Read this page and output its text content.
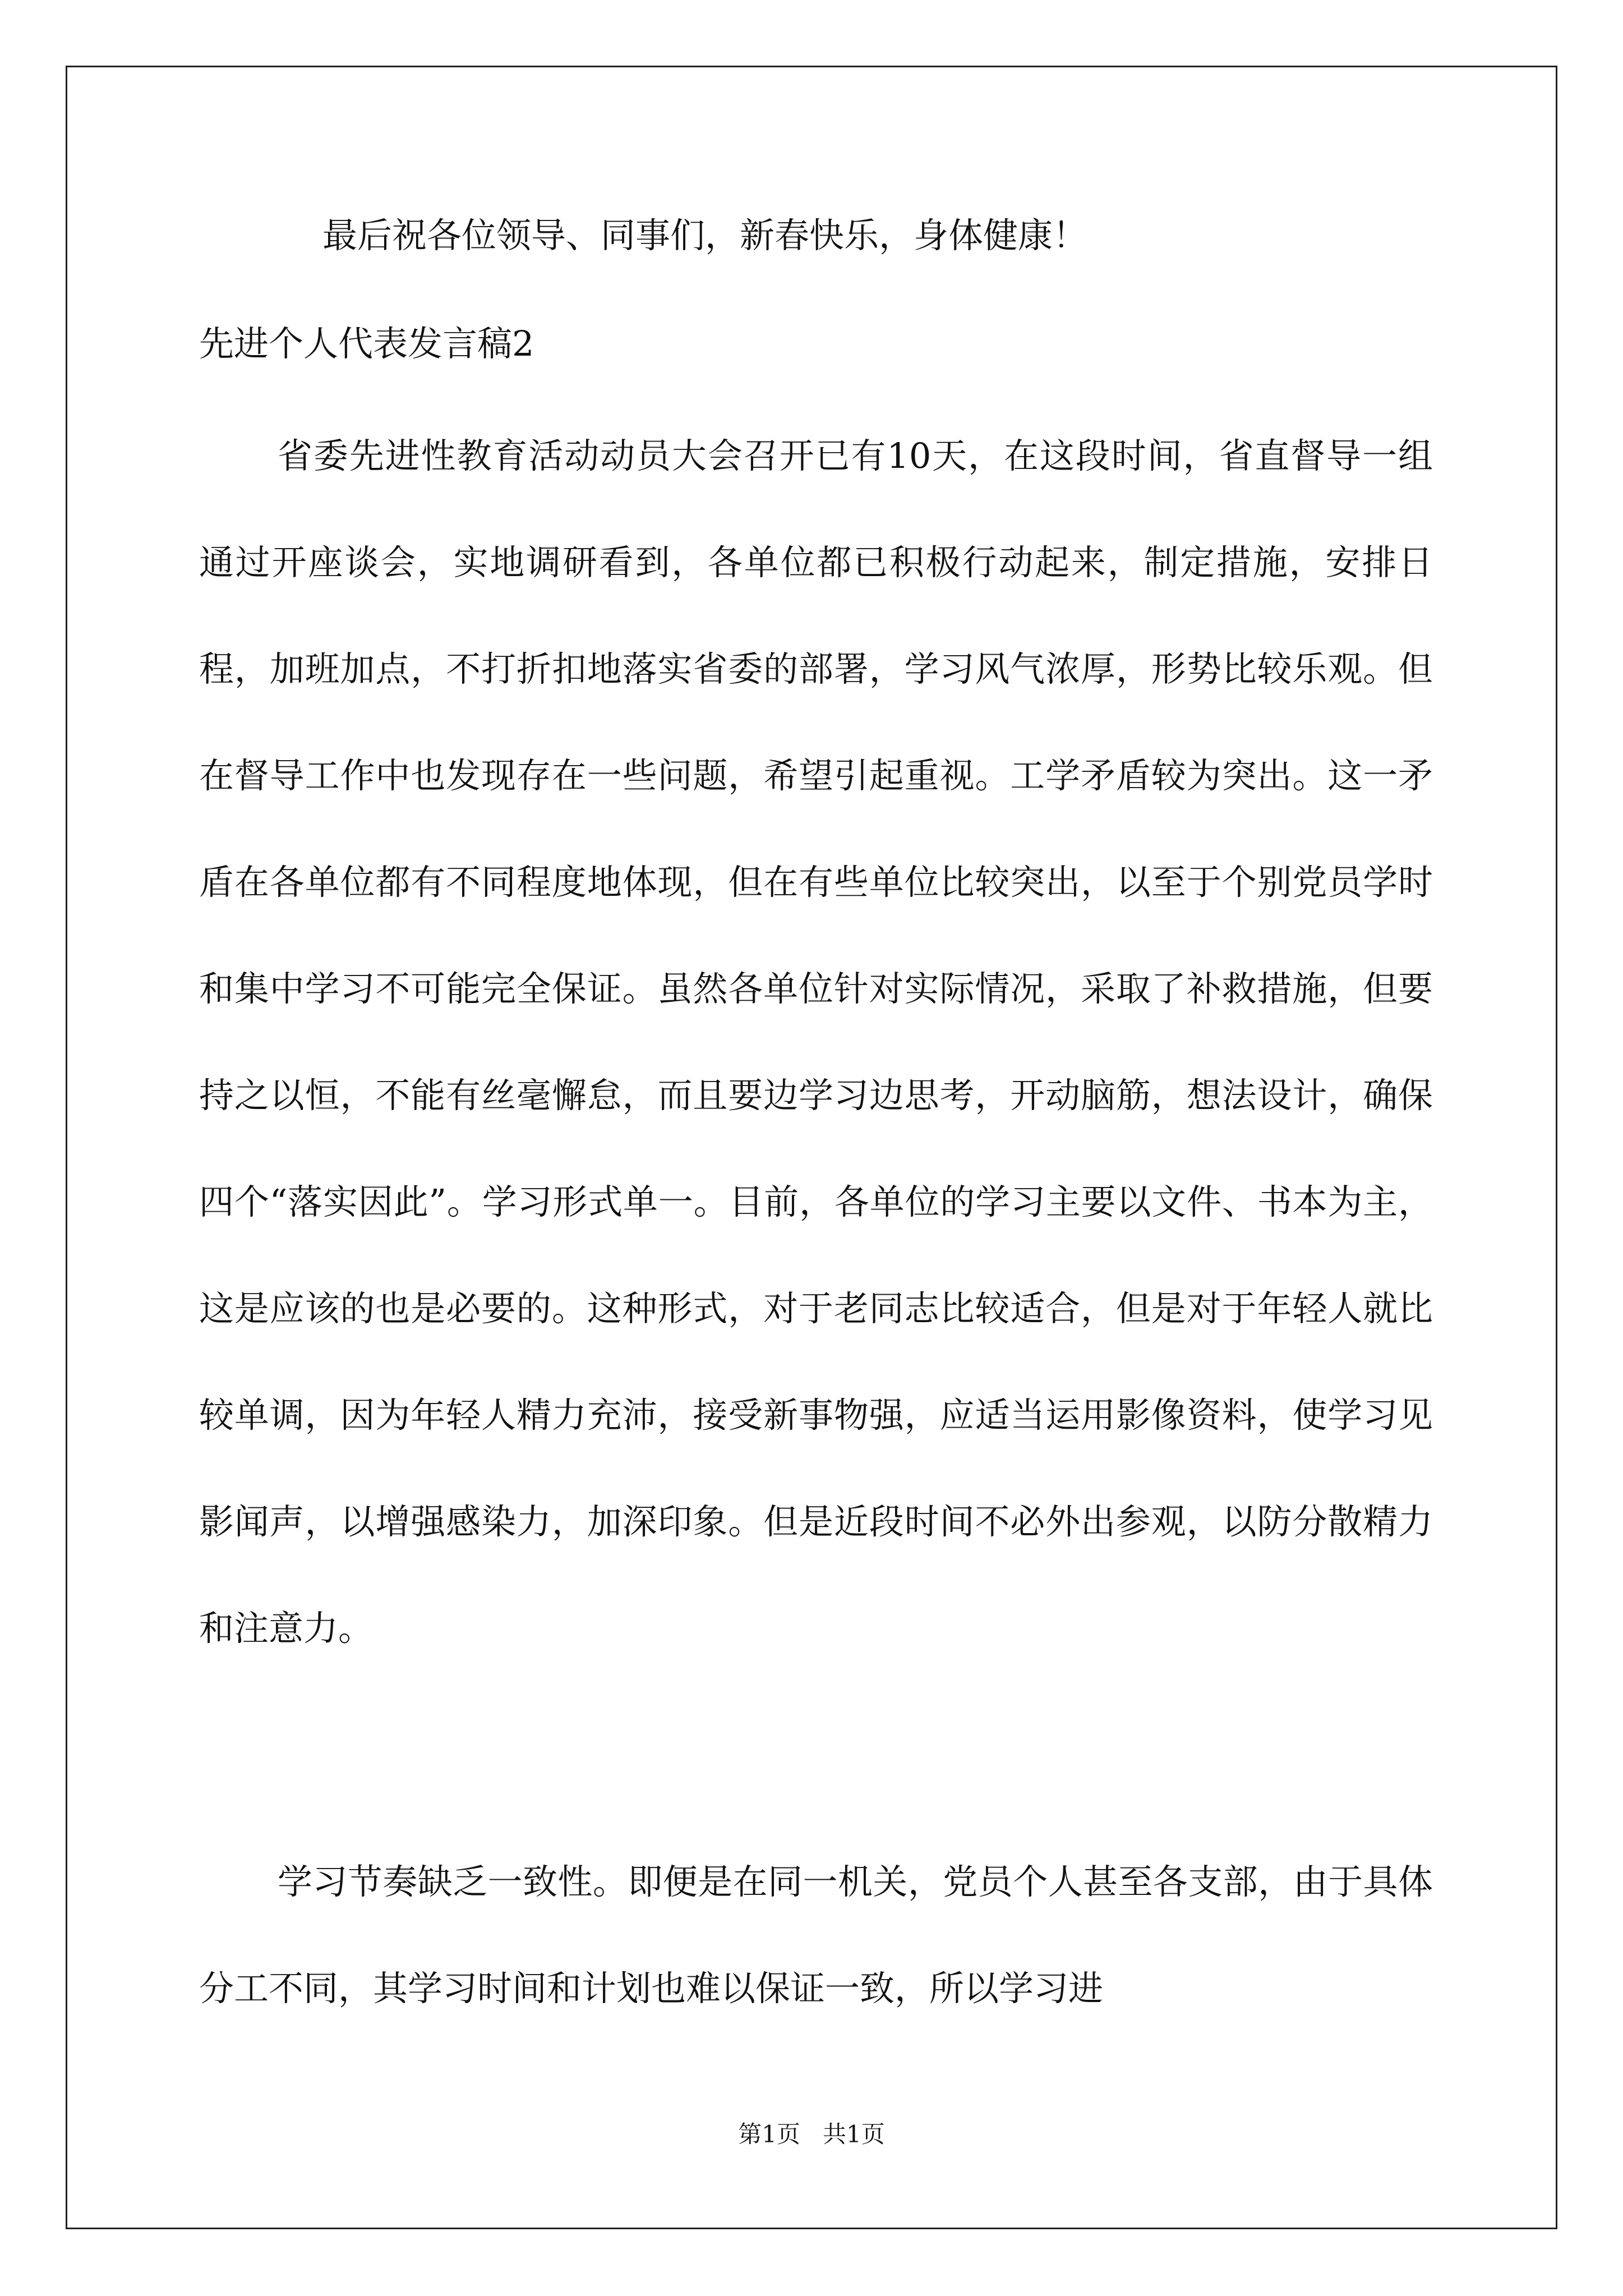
最后祝各位领导、同事们，新春快乐，身体健康！
先进个人代表发言稿2

省委先进性教育活动动员大会召开已有10天，在这段时间，省直督导一组通过开座谈会，实地调研看到，各单位都已积极行动起来，制定措施，安排日程，加班加点，不打折扣地落实省委的部署，学习风气浓厚，形势比较乐观。但在督导工作中也发现存在一些问题，希望引起重视。工学矛盾较为突出。这一矛盾在各单位都有不同程度地体现，但在有些单位比较突出，以至于个别党员学时和集中学习不可能完全保证。虽然各单位针对实际情况，采取了补救措施，但要持之以恒，不能有丝毫懈怠，而且要边学习边思考，开动脑筋，想法设计，确保四个“落实因此”。学习形式单一。目前，各单位的学习主要以文件、书本为主，这是应该的也是必要的。这种形式，对于老同志比较适合，但是对于年轻人就比较单调，因为年轻人精力充沛，接受新事物强，应适当运用影像资料，使学习见影闻声，以增强感染力，加深印象。但是近段时间不必外出参观，以防分散精力和注意力。

学习节奏缺乏一致性。即便是在同一机关，党员个人甚至各支部，由于具体分工不同，其学习时间和计划也难以保证一致，所以学习进

第1页   共1页
